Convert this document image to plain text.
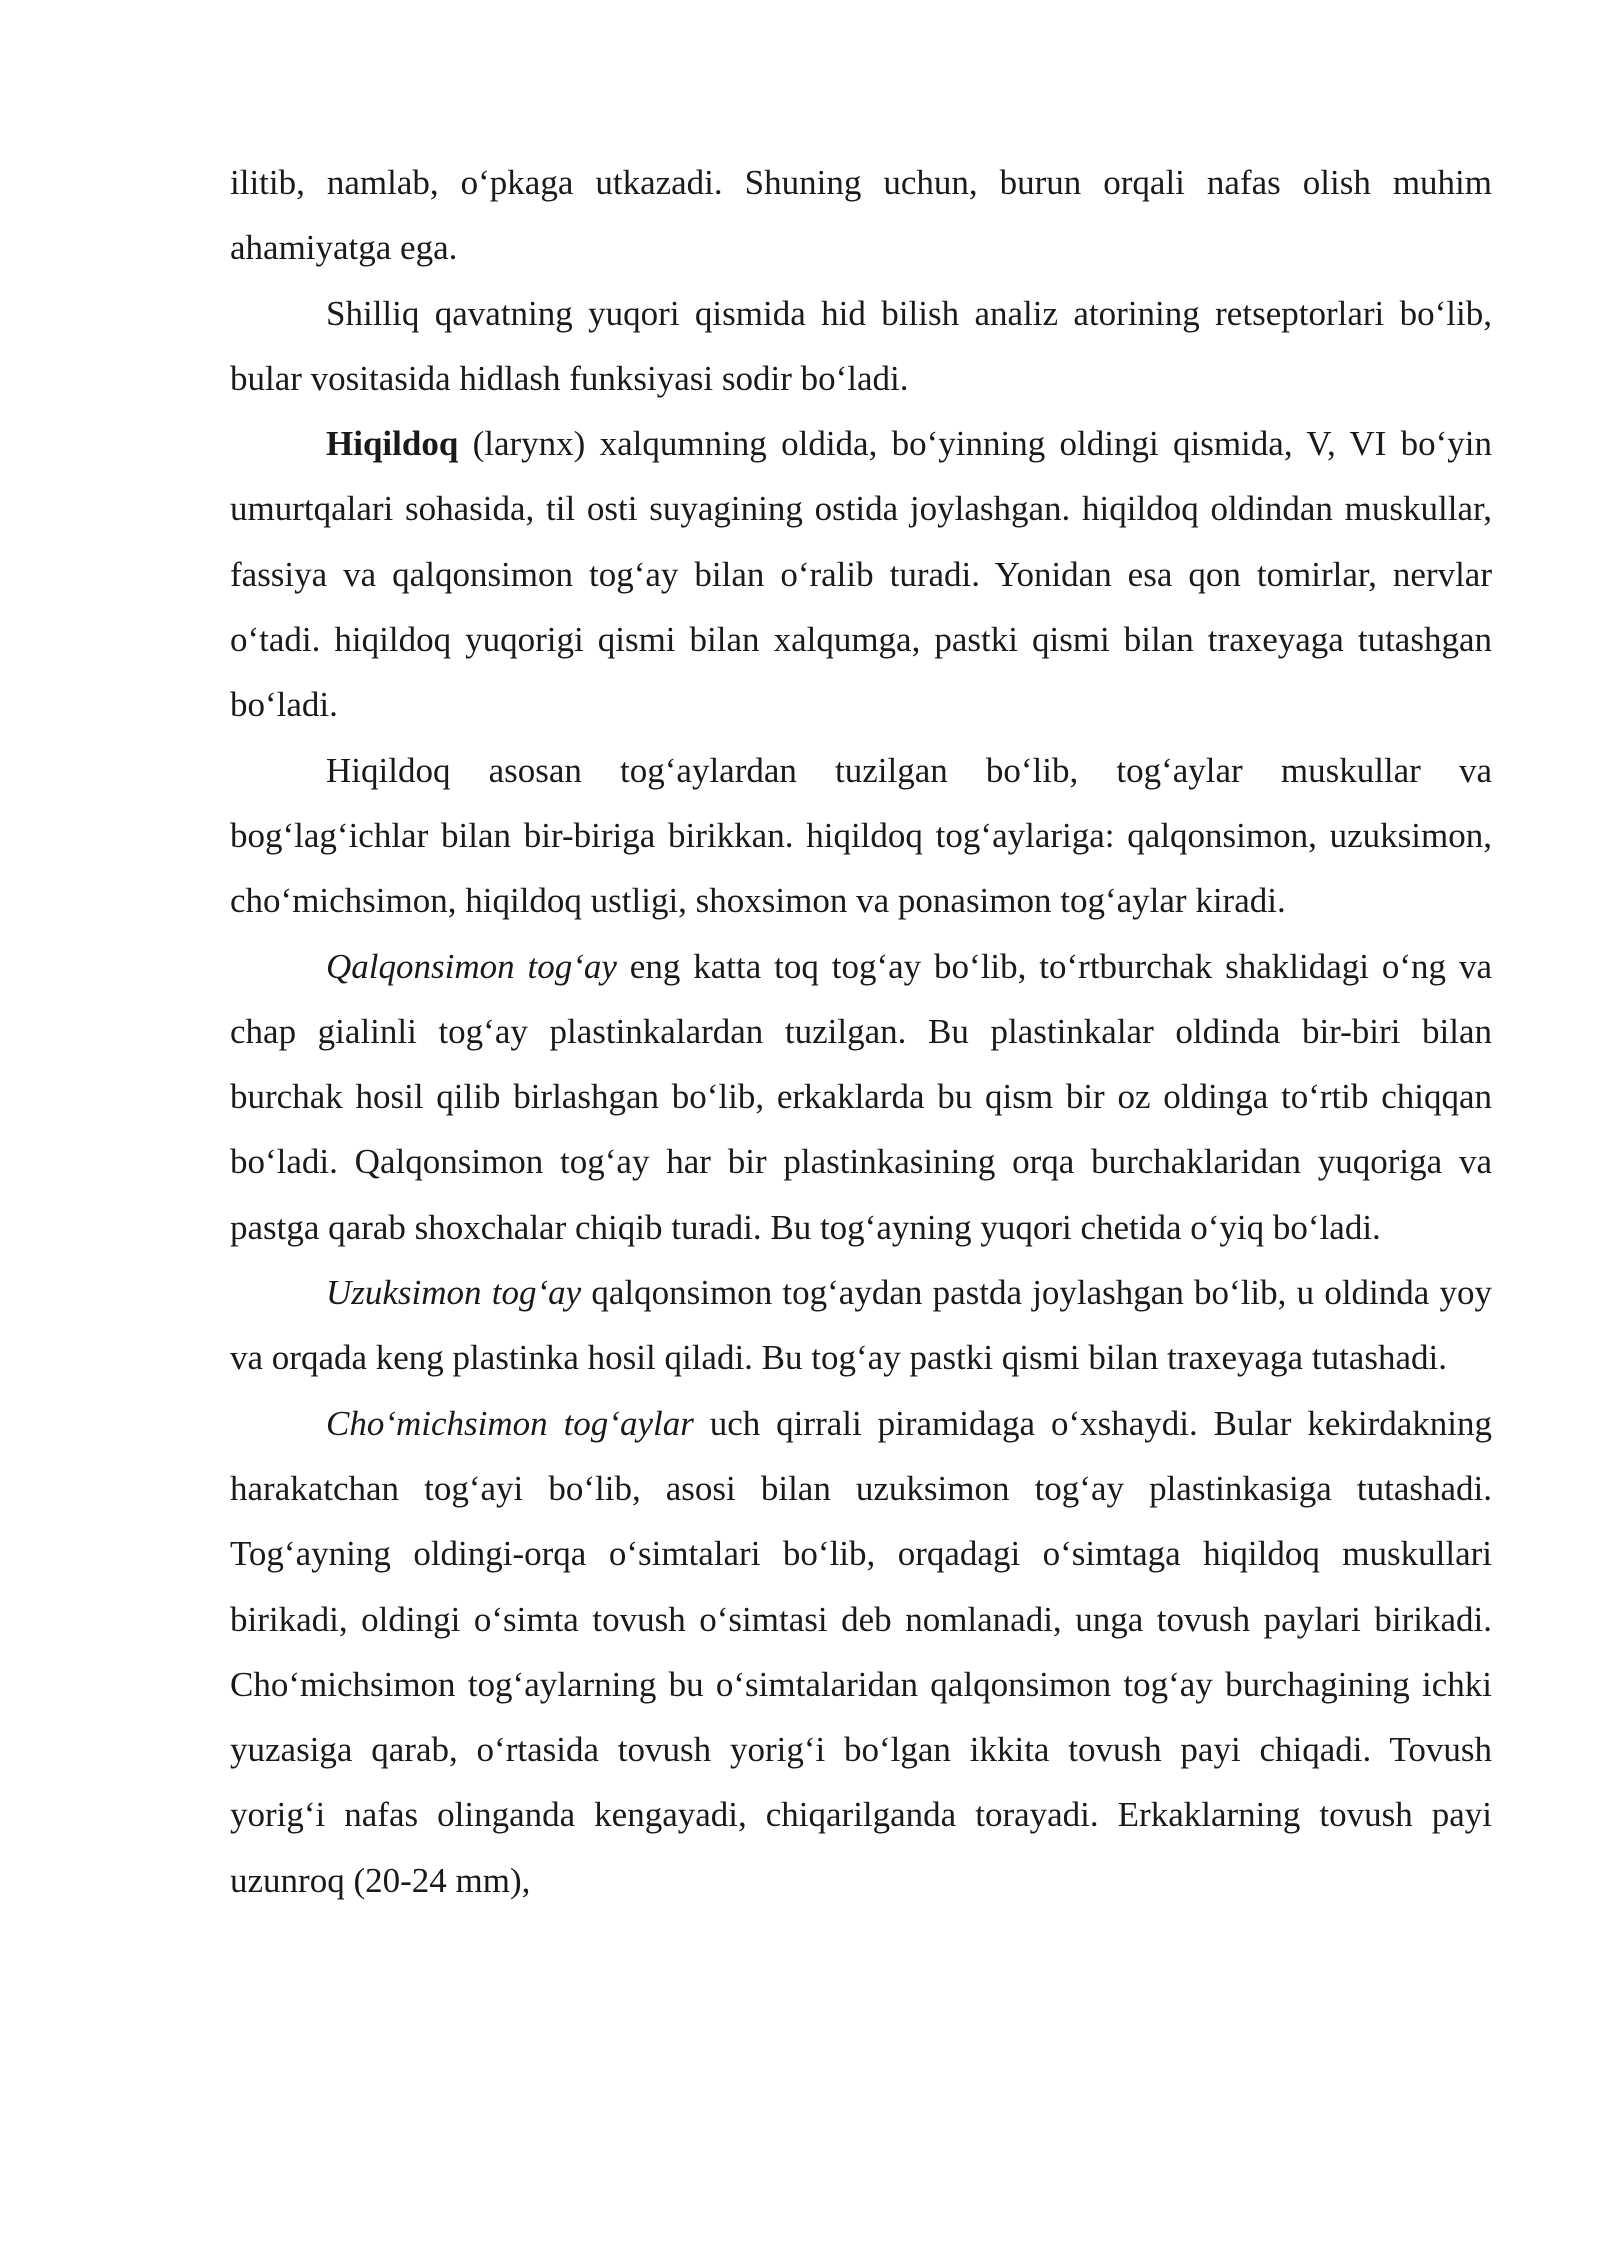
ilitib, namlab, o‘pkaga utkazadi. Shuning uchun, burun orqali nafas olish muhim ahamiyatga ega.

Shilliq qavatning yuqori qismida hid bilish analiz atorining retseptorlari bo‘lib, bular vositasida hidlash funksiyasi sodir bo‘ladi.

Hiqildoq (larynx) xalqumning oldida, bo‘yinning oldingi qismida, V, VI bo‘yin umurtqalari sohasida, til osti suyagining ostida joylashgan. hiqildoq oldindan muskullar, fassiya va qalqonsimon tog‘ay bilan o‘ralib turadi. Yonidan esa qon tomirlar, nervlar o‘tadi. hiqildoq yuqorigi qismi bilan xalqumga, pastki qismi bilan traxeyaga tutashgan bo‘ladi.

Hiqildoq asosan tog‘aylardan tuzilgan bo‘lib, tog‘aylar muskullar va bog‘lag‘ichlar bilan bir-biriga birikkan. hiqildoq tog‘aylariga: qalqonsimon, uzuksimon, cho‘michsimon, hiqildoq ustligi, shoxsimon va ponasimon tog‘aylar kiradi.

Qalqonsimon tog‘ay eng katta toq tog‘ay bo‘lib, to‘rtburchak shaklidagi o‘ng va chap gialinli tog‘ay plastinkalardan tuzilgan. Bu plastinkalar oldinda bir-biri bilan burchak hosil qilib birlashgan bo‘lib, erkaklarda bu qism bir oz oldinga to‘rtib chiqqan bo‘ladi. Qalqonsimon tog‘ay har bir plastinkasining orqa burchaklaridan yuqoriga va pastga qarab shoxchalar chiqib turadi. Bu tog‘ayning yuqori chetida o‘yiq bo‘ladi.

Uzuksimon tog‘ay qalqonsimon tog‘aydan pastda joylashgan bo‘lib, u oldinda yoy va orqada keng plastinka hosil qiladi. Bu tog‘ay pastki qismi bilan traxeyaga tutashadi.

Cho‘michsimon tog‘aylar uch qirrali piramidaga o‘xshaydi. Bular kekirdakning harakatchan tog‘ayi bo‘lib, asosi bilan uzuksimon tog‘ay plastinkasiga tutashadi. Tog‘ayning oldingi-orqa o‘simtalari bo‘lib, orqadagi o‘simtaga hiqildoq muskullari birikadi, oldingi o‘simta tovush o‘simtasi deb nomlanadi, unga tovush paylari birikadi. Cho‘michsimon tog‘aylarning bu o‘simtalaridan qalqonsimon tog‘ay burchagining ichki yuzasiga qarab, o‘rtasida tovush yorig‘i bo‘lgan ikkita tovush payi chiqadi. Tovush yorig‘i nafas olinganda kengayadi, chiqarilganda torayadi. Erkaklarning tovush payi uzunroq (20-24 mm),
